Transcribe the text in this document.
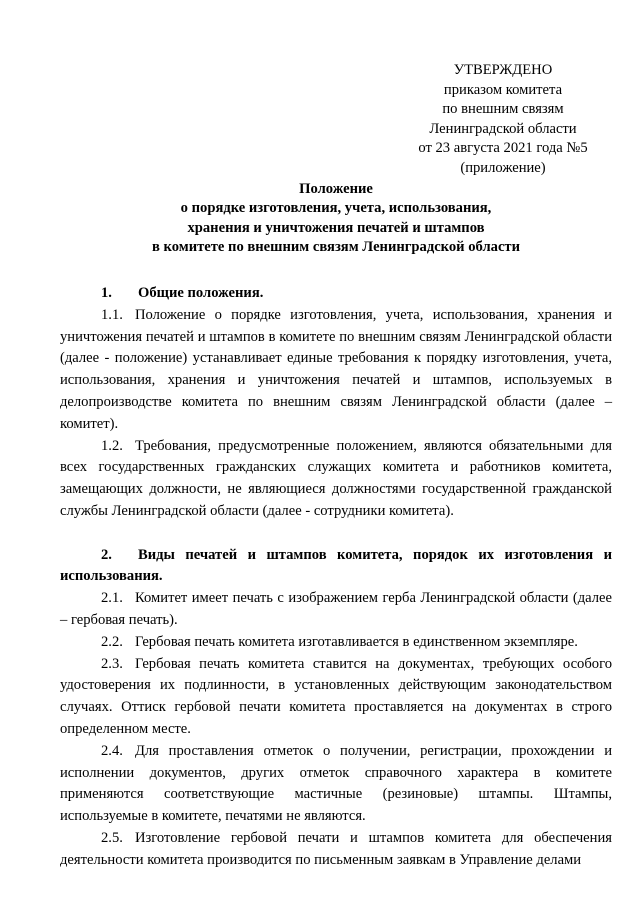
УТВЕРЖДЕНО
приказом комитета
по внешним связям
Ленинградской области
от 23 августа 2021 года №5
(приложение)
Положение
о порядке изготовления, учета, использования,
хранения и уничтожения печатей и штампов
в комитете по внешним связям Ленинградской области

1. Общие положения.

1.1. Положение о порядке изготовления, учета, использования, хранения и уничтожения печатей и штампов в комитете по внешним связям Ленинградской области (далее - положение) устанавливает единые требования к порядку изготовления, учета, использования, хранения и уничтожения печатей и штампов, используемых в делопроизводстве комитета по внешним связям Ленинградской области (далее – комитет).

1.2. Требования, предусмотренные положением, являются обязательными для всех государственных гражданских служащих комитета и работников комитета, замещающих должности, не являющиеся должностями государственной гражданской службы Ленинградской области (далее - сотрудники комитета).

2. Виды печатей и штампов комитета, порядок их изготовления и использования.

2.1. Комитет имеет печать с изображением герба Ленинградской области (далее – гербовая печать).

2.2. Гербовая печать комитета изготавливается в единственном экземпляре.

2.3. Гербовая печать комитета ставится на документах, требующих особого удостоверения их подлинности, в установленных действующим законодательством случаях. Оттиск гербовой печати комитета проставляется на документах в строго определенном месте.

2.4. Для проставления отметок о получении, регистрации, прохождении и исполнении документов, других отметок справочного характера в комитете применяются соответствующие мастичные (резиновые) штампы. Штампы, используемые в комитете, печатями не являются.

2.5. Изготовление гербовой печати и штампов комитета для обеспечения деятельности комитета производится по письменным заявкам в Управление делами
